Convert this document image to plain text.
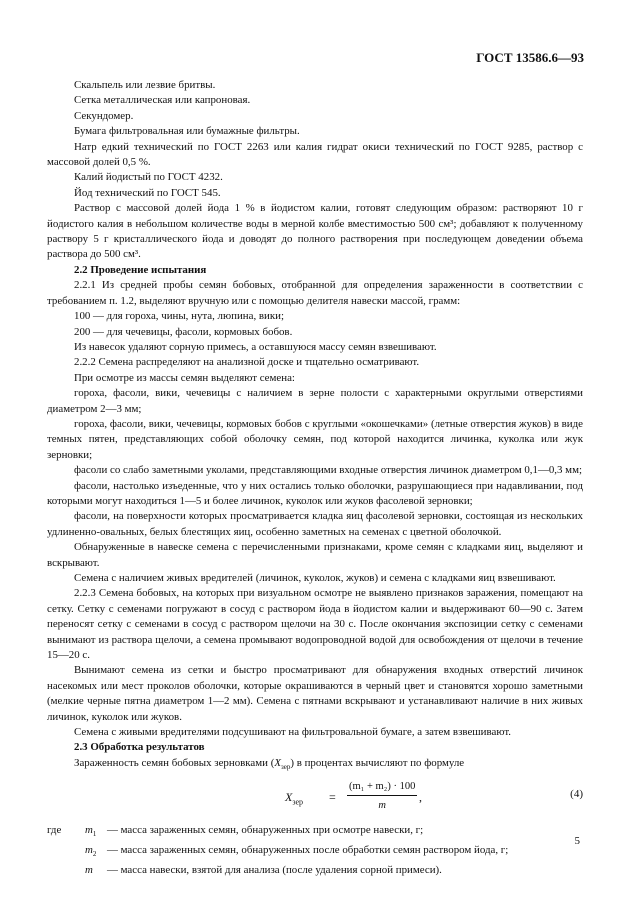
ГОСТ 13586.6—93

Скальпель или лезвие бритвы.

Сетка металлическая или капроновая.

Секундомер.

Бумага фильтровальная или бумажные фильтры.

Натр едкий технический по ГОСТ 2263 или калия гидрат окиси технический по ГОСТ 9285, раствор с массовой долей 0,5 %.

Калий йодистый по ГОСТ 4232.

Йод технический по ГОСТ 545.

Раствор с массовой долей йода 1 % в йодистом калии, готовят следующим образом: растворяют 10 г йодистого калия в небольшом количестве воды в мерной колбе вместимостью 500 см³; добавляют к полученному раствору 5 г кристаллического йода и доводят до полного растворения при последующем доведении объема раствора до 500 см³.

2.2 Проведение испытания

2.2.1 Из средней пробы семян бобовых, отобранной для определения зараженности в соответствии с требованием п. 1.2, выделяют вручную или с помощью делителя навески массой, грамм:

100 — для гороха, чины, нута, люпина, вики;

200 — для чечевицы, фасоли, кормовых бобов.

Из навесок удаляют сорную примесь, а оставшуюся массу семян взвешивают.

2.2.2 Семена распределяют на анализной доске и тщательно осматривают.

При осмотре из массы семян выделяют семена:

гороха, фасоли, вики, чечевицы с наличием в зерне полости с характерными округлыми отверстиями диаметром 2—3 мм;

гороха, фасоли, вики, чечевицы, кормовых бобов с круглыми «окошечками» (летные отверстия жуков) в виде темных пятен, представляющих собой оболочку семян, под которой находится личинка, куколка или жук зерновки;

фасоли со слабо заметными уколами, представляющими входные отверстия личинок диаметром 0,1—0,3 мм;

фасоли, настолько изъеденные, что у них остались только оболочки, разрушающиеся при надавливании, под которыми могут находиться 1—5 и более личинок, куколок или жуков фасолевой зерновки;

фасоли, на поверхности которых просматривается кладка яиц фасолевой зерновки, состоящая из нескольких удлиненно-овальных, белых блестящих яиц, особенно заметных на семенах с цветной оболочкой.

Обнаруженные в навеске семена с перечисленными признаками, кроме семян с кладками яиц, выделяют и вскрывают.

Семена с наличием живых вредителей (личинок, куколок, жуков) и семена с кладками яиц взвешивают.

2.2.3 Семена бобовых, на которых при визуальном осмотре не выявлено признаков заражения, помещают на сетку. Сетку с семенами погружают в сосуд с раствором йода в йодистом калии и выдерживают 60—90 с. Затем переносят сетку с семенами в сосуд с раствором щелочи на 30 с. После окончания экспозиции сетку с семенами вынимают из раствора щелочи, а семена промывают водопроводной водой для освобождения от щелочи в течение 15—20 с.

Вынимают семена из сетки и быстро просматривают для обнаружения входных отверстий личинок насекомых или мест проколов оболочки, которые окрашиваются в черный цвет и становятся хорошо заметными (мелкие черные пятна диаметром 1—2 мм). Семена с пятнами вскрывают и устанавливают наличие в них живых личинок, куколок или жуков.

Семена с живыми вредителями подсушивают на фильтровальной бумаге, а затем взвешивают.

2.3 Обработка результатов

Зараженность семян бобовых зерновками $(X_{зер})$ в процентах вычисляют по формуле

$X_{зер} = \frac{\text{(m₁ + m₂) · 100}}{m}$ ,	(4)
где	$m_1$ — масса зараженных семян, обнаруженных при осмотре навески, г;
$m_2$ — масса зараженных семян, обнаруженных после обработки семян раствором йода, г;
m	— масса навески, взятой для анализа (после удаления сорной примеси).
5
